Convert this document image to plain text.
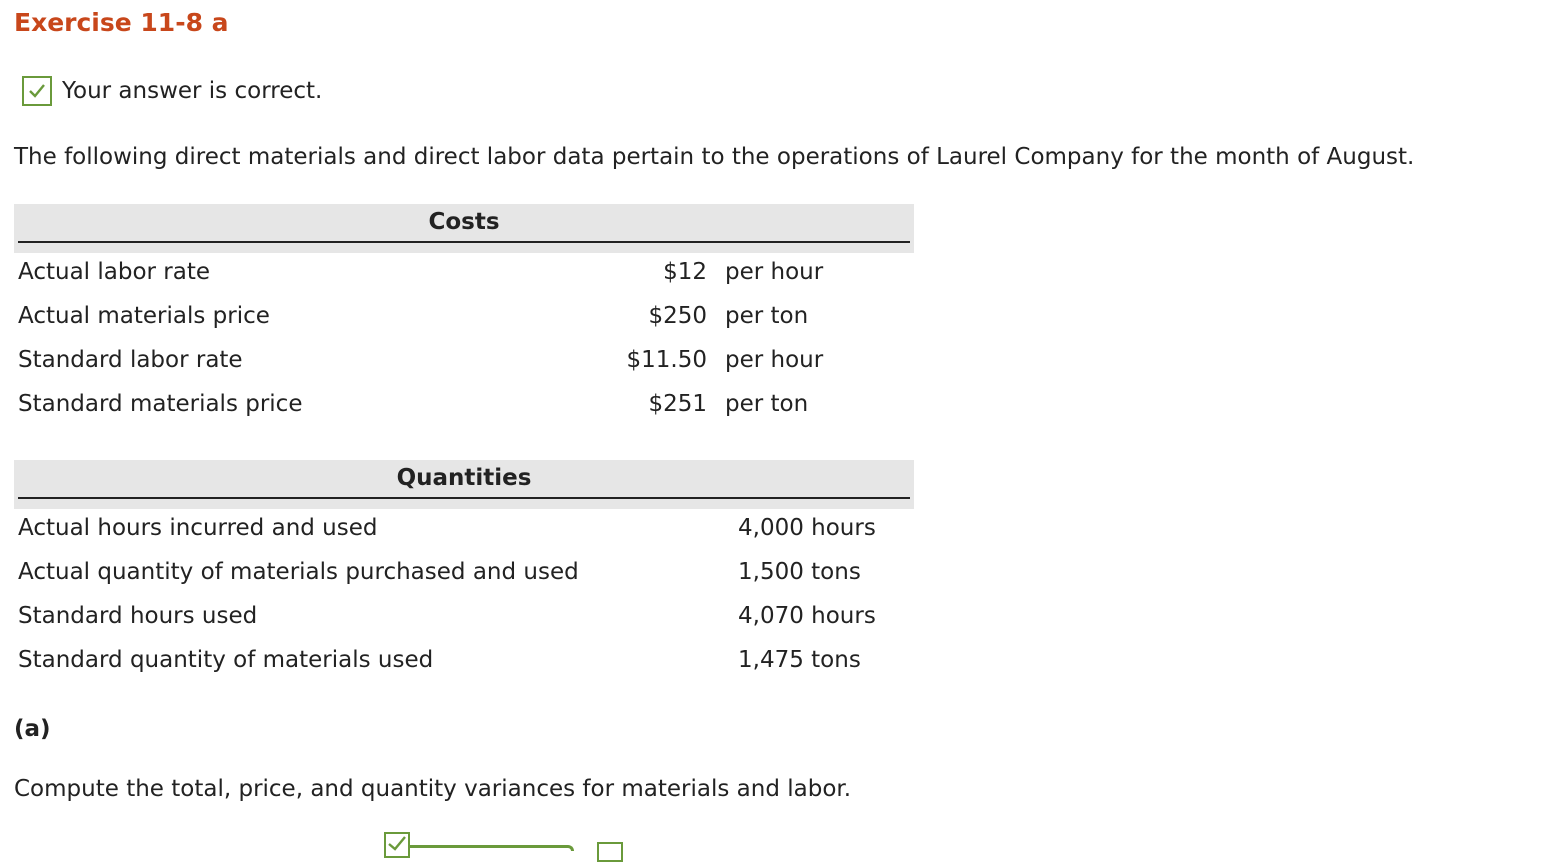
Exercise 11-8 a
Your answer is correct.

The following direct materials and direct labor data pertain to the operations of Laurel Company for the month of August.

Costs
Actual labor rate	$12 per hour
Actual materials price	$250 per ton
Standard labor rate	$11.50 per hour
Standard materials price	$251 per ton
Quantities
Actual hours incurred and used	4,000 hours
Actual quantity of materials purchased and used	1,500 tons
Standard hours used	4,070 hours
Standard quantity of materials used	1,475 tons

(a)

Compute the total, price, and quantity variances for materials and labor.
